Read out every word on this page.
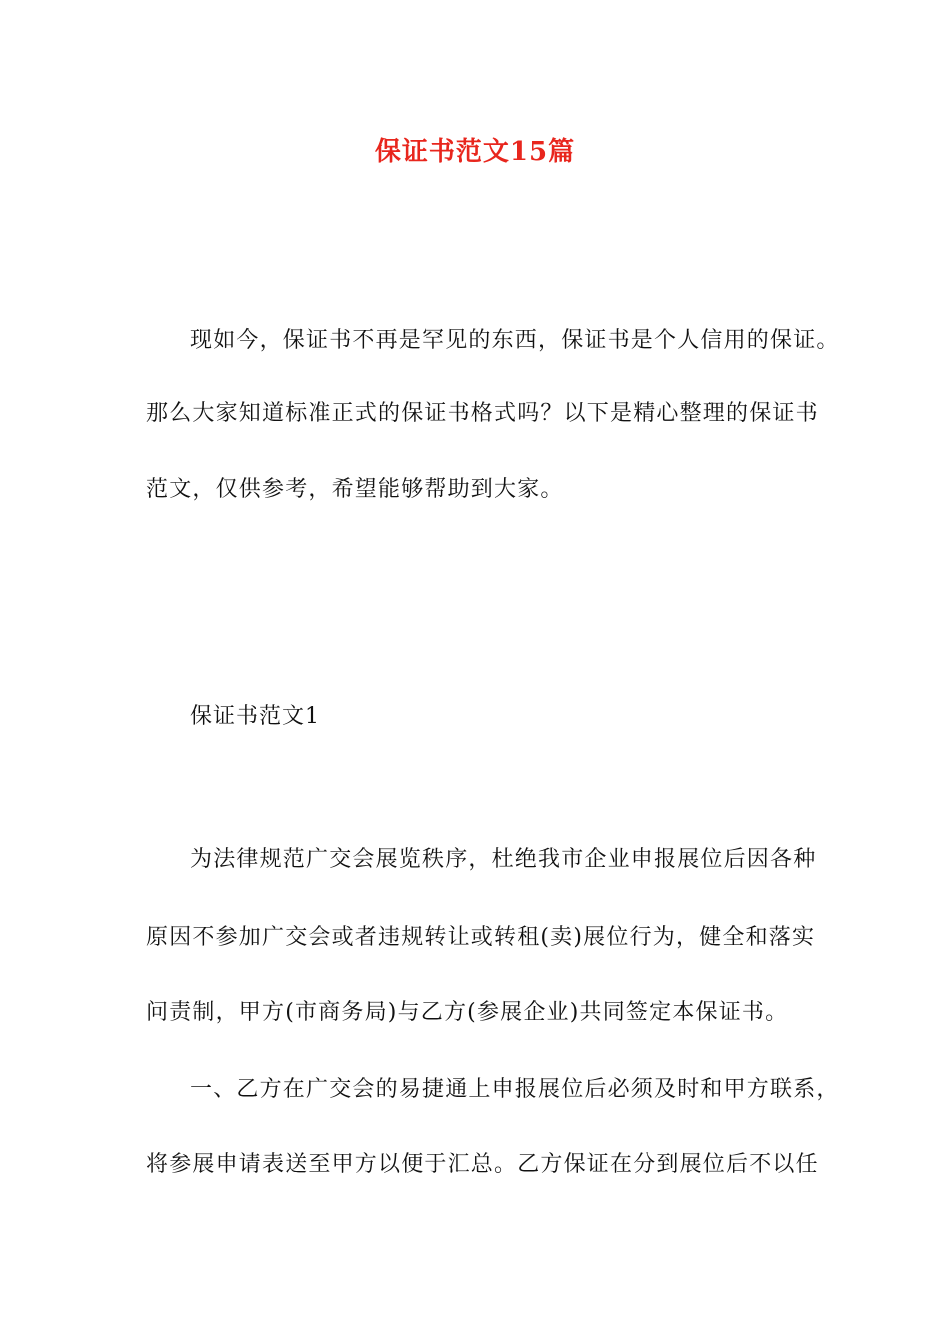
保证书范文15篇
现如今，保证书不再是罕见的东西，保证书是个人信用的保证。
那么大家知道标准正式的保证书格式吗？以下是精心整理的保证书
范文，仅供参考，希望能够帮助到大家。
保证书范文1
为法律规范广交会展览秩序，杜绝我市企业申报展位后因各种
原因不参加广交会或者违规转让或转租(卖)展位行为，健全和落实
问责制，甲方(市商务局)与乙方(参展企业)共同签定本保证书。
一、乙方在广交会的易捷通上申报展位后必须及时和甲方联系，
将参展申请表送至甲方以便于汇总。乙方保证在分到展位后不以任
